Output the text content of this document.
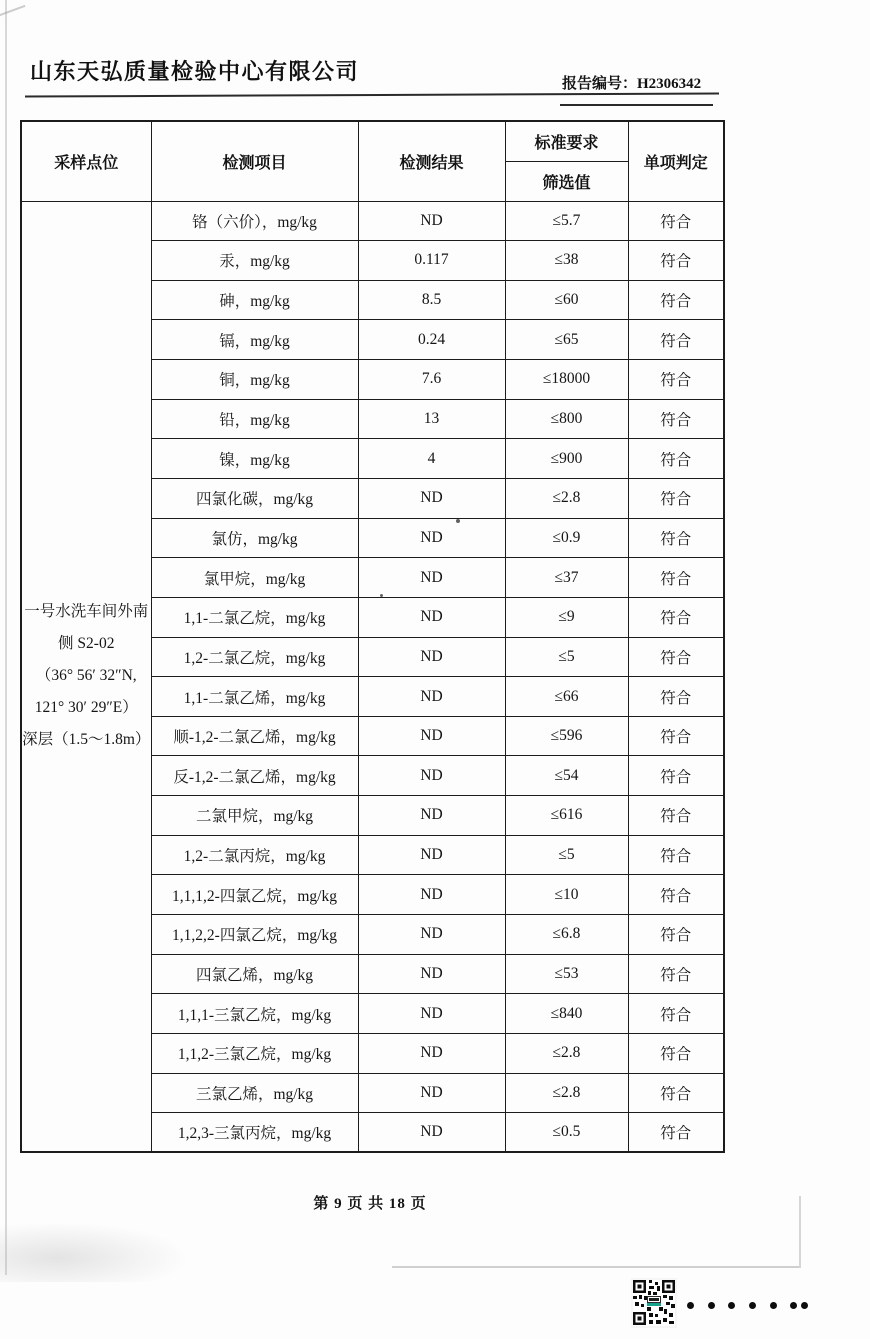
山东天弘质量检验中心有限公司	报告编号：H2306342
采样点位	检测项目	检测结果	标准要求	单项判定
			筛选值	

一号水洗车间外南
侧 S2-02
（36° 56′ 32″N,
121° 30′ 29″E）
深层（1.5～1.8m）	铬（六价），mg/kg	ND	≤5.7	符合
	汞，mg/kg	0.117	≤38	符合
	砷，mg/kg	8.5	≤60	符合
	镉，mg/kg	0.24	≤65	符合
	铜，mg/kg	7.6	≤18000	符合
	铅，mg/kg	13	≤800	符合
	镍，mg/kg	4	≤900	符合
	四氯化碳，mg/kg	ND	≤2.8	符合
	氯仿，mg/kg	ND	≤0.9	符合
	氯甲烷，mg/kg	ND	≤37	符合
	1,1-二氯乙烷，mg/kg	ND	≤9	符合
	1,2-二氯乙烷，mg/kg	ND	≤5	符合
	1,1-二氯乙烯，mg/kg	ND	≤66	符合
	顺-1,2-二氯乙烯，mg/kg	ND	≤596	符合
	反-1,2-二氯乙烯，mg/kg	ND	≤54	符合
	二氯甲烷，mg/kg	ND	≤616	符合
	1,2-二氯丙烷，mg/kg	ND	≤5	符合
	1,1,1,2-四氯乙烷，mg/kg	ND	≤10	符合
	1,1,2,2-四氯乙烷，mg/kg	ND	≤6.8	符合
	四氯乙烯，mg/kg	ND	≤53	符合
	1,1,1-三氯乙烷，mg/kg	ND	≤840	符合
	1,1,2-三氯乙烷，mg/kg	ND	≤2.8	符合
	三氯乙烯，mg/kg	ND	≤2.8	符合
	1,2,3-三氯丙烷，mg/kg	ND	≤0.5	符合
第 9 页 共 18 页
